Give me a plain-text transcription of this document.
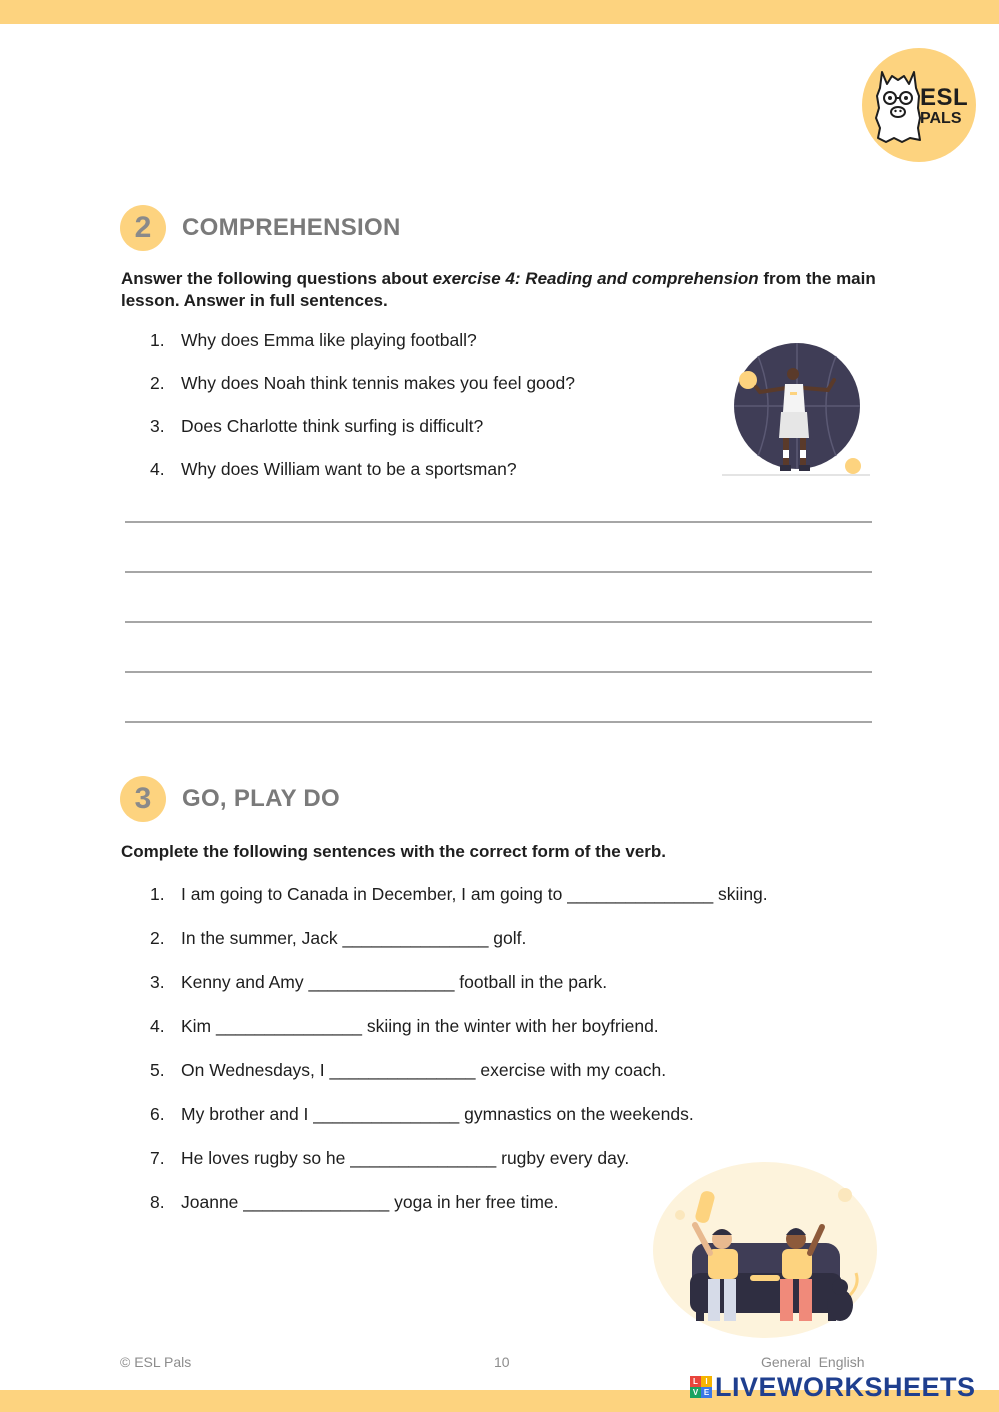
ESL
PALS
2	COMPREHENSION
Answer the following questions about exercise 4: Reading and comprehension from the main lesson. Answer in full sentences.
1. Why does Emma like playing football?
2. Why does Noah think tennis makes you feel good?
3. Does Charlotte think surfing is difficult?
4. Why does William want to be a sportsman?
3	GO, PLAY DO
Complete the following sentences with the correct form of the verb.
1. I am going to Canada in December, I am going to _______________ skiing.
2. In the summer, Jack _______________ golf.
3. Kenny and Amy _______________ football in the park.
4. Kim _______________ skiing in the winter with her boyfriend.
5. On Wednesdays, I _______________ exercise with my coach.
6. My brother and I _______________ gymnastics on the weekends.
7. He loves rugby so he _______________ rugby every day.
8. Joanne _______________ yoga in her free time.
© ESL Pals	10	General  English
L I
V E LIVEWORKSHEETS
